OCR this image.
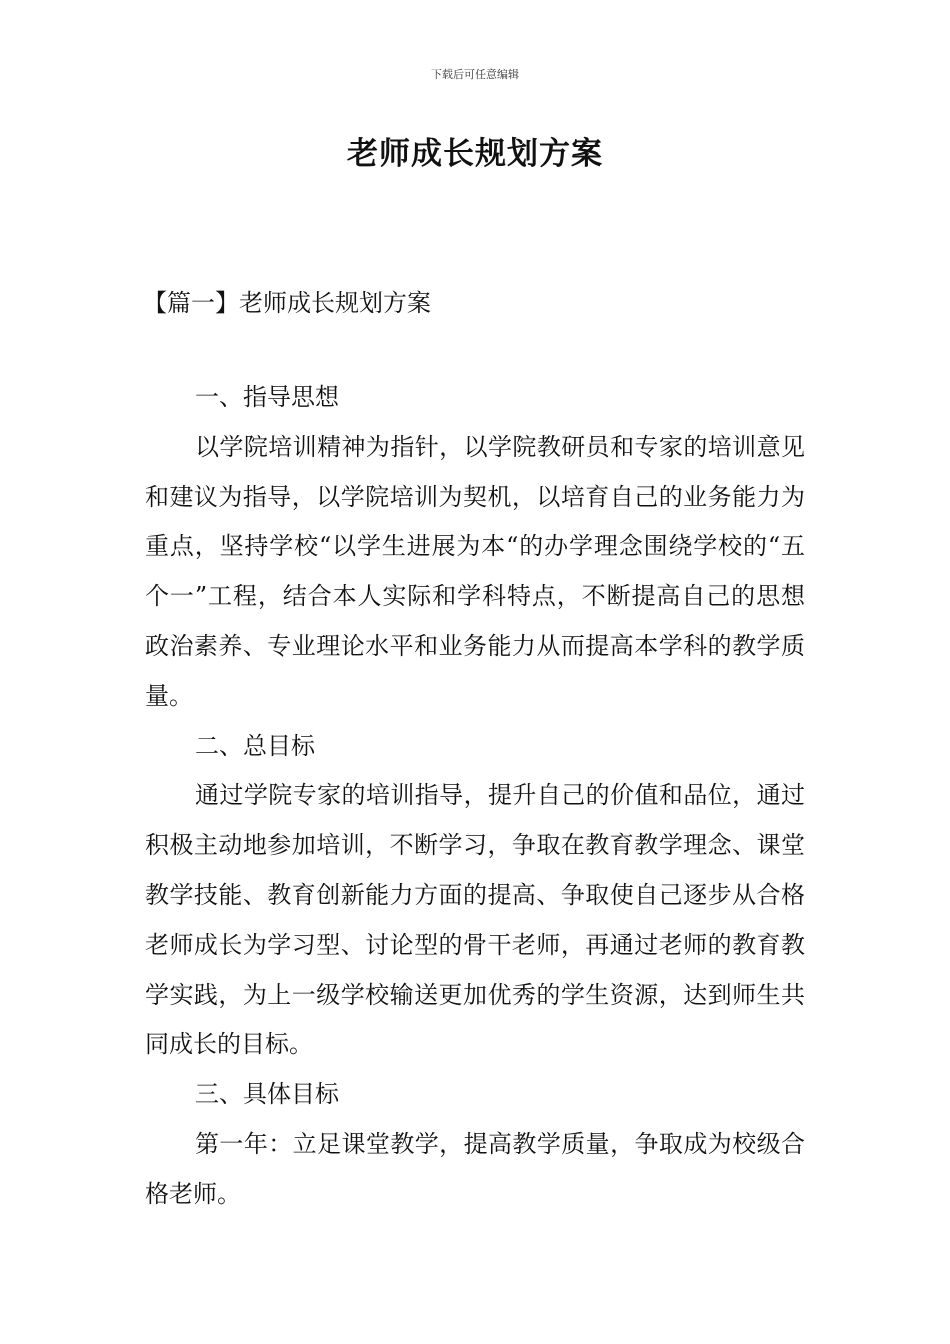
下载后可任意编辑
老师成长规划方案
【篇一】老师成长规划方案

一、指导思想

以学院培训精神为指针，以学院教研员和专家的培训意见和建议为指导，以学院培训为契机，以培育自己的业务能力为重点，坚持学校“以学生进展为本“的办学理念围绕学校的“五个一”工程，结合本人实际和学科特点，不断提高自己的思想政治素养、专业理论水平和业务能力从而提高本学科的教学质量。

二、总目标

通过学院专家的培训指导，提升自己的价值和品位，通过积极主动地参加培训，不断学习，争取在教育教学理念、课堂教学技能、教育创新能力方面的提高、争取使自己逐步从合格老师成长为学习型、讨论型的骨干老师，再通过老师的教育教学实践，为上一级学校输送更加优秀的学生资源，达到师生共同成长的目标。

三、具体目标

第一年：立足课堂教学，提高教学质量，争取成为校级合格老师。
